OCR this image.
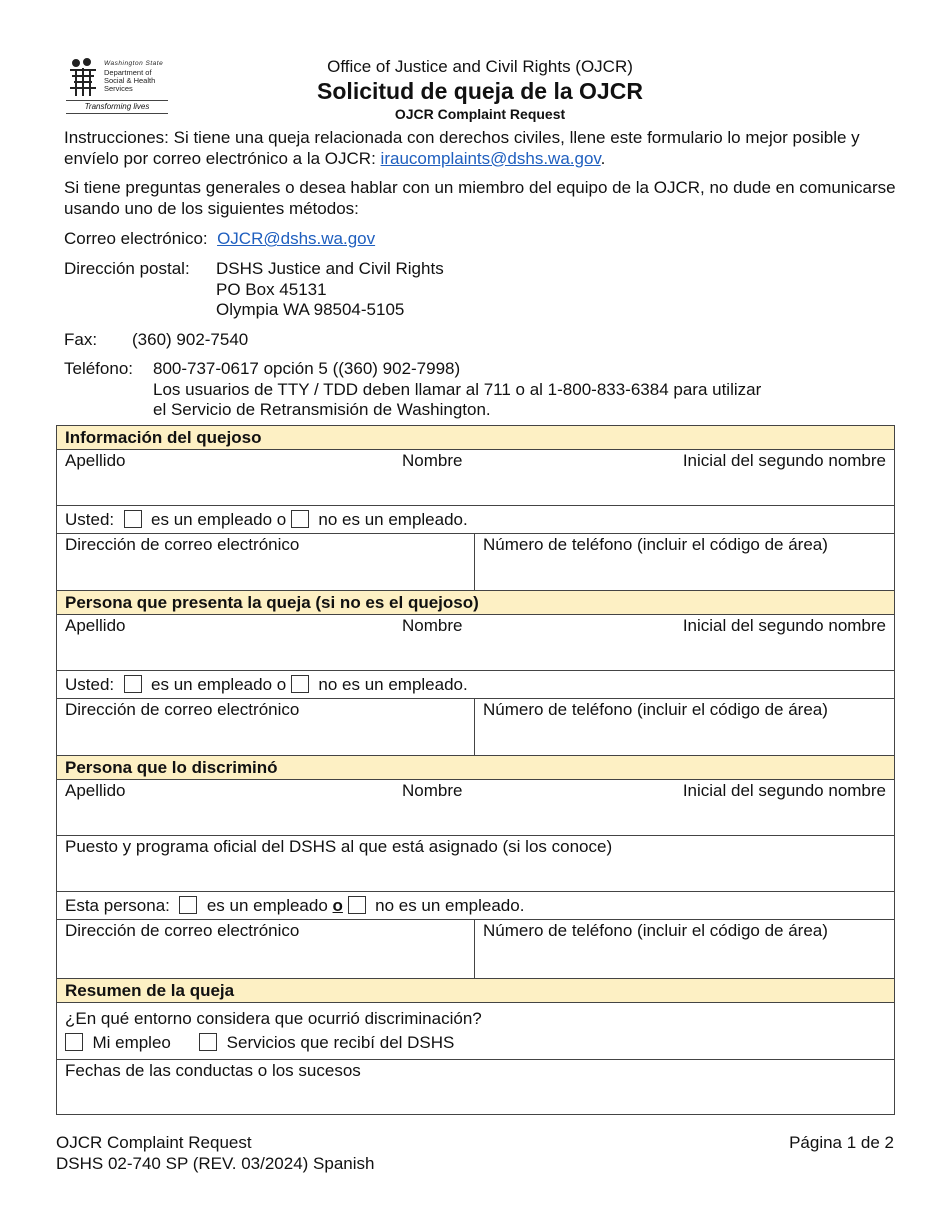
Washington State
Department of Social & Health Services
Transforming lives
Office of Justice and Civil Rights (OJCR)
Solicitud de queja de la OJCR
OJCR Complaint Request
Instrucciones: Si tiene una queja relacionada con derechos civiles, llene este formulario lo mejor posible y envíelo por correo electrónico a la OJCR: iraucomplaints@dshs.wa.gov.
Si tiene preguntas generales o desea hablar con un miembro del equipo de la OJCR, no dude en comunicarse usando uno de los siguientes métodos:
Correo electrónico: OJCR@dshs.wa.gov
Dirección postal: DSHS Justice and Civil Rights
PO Box 45131
Olympia WA 98504-5105
Fax: (360) 902-7540
Teléfono: 800-737-0617 opción 5 ((360) 902-7998)
Los usuarios de TTY / TDD deben llamar al 711 o al 1-800-833-6384 para utilizar
el Servicio de Retransmisión de Washington.
Información del quejoso	

Apellido Nombre Inicial del segundo nombre	

Usted: es un empleado o no es un empleado.	

Dirección de correo electrónico	Número de teléfono (incluir el código de área)

Persona que presenta la queja (si no es el quejoso)	

Apellido Nombre Inicial del segundo nombre	

Usted: es un empleado o no es un empleado.	

Dirección de correo electrónico	Número de teléfono (incluir el código de área)

Persona que lo discriminó	

Apellido Nombre Inicial del segundo nombre	

Puesto y programa oficial del DSHS al que está asignado (si los conoce)	

Esta persona: es un empleado o no es un empleado.	

Dirección de correo electrónico	Número de teléfono (incluir el código de área)

Resumen de la queja	

¿En qué entorno considera que ocurrió discriminación?
Mi empleo Servicios que recibí del DSHS	

Fechas de las conductas o los sucesos	
OJCR Complaint Request
DSHS 02-740 SP (REV. 03/2024) Spanish
Página 1 de 2
